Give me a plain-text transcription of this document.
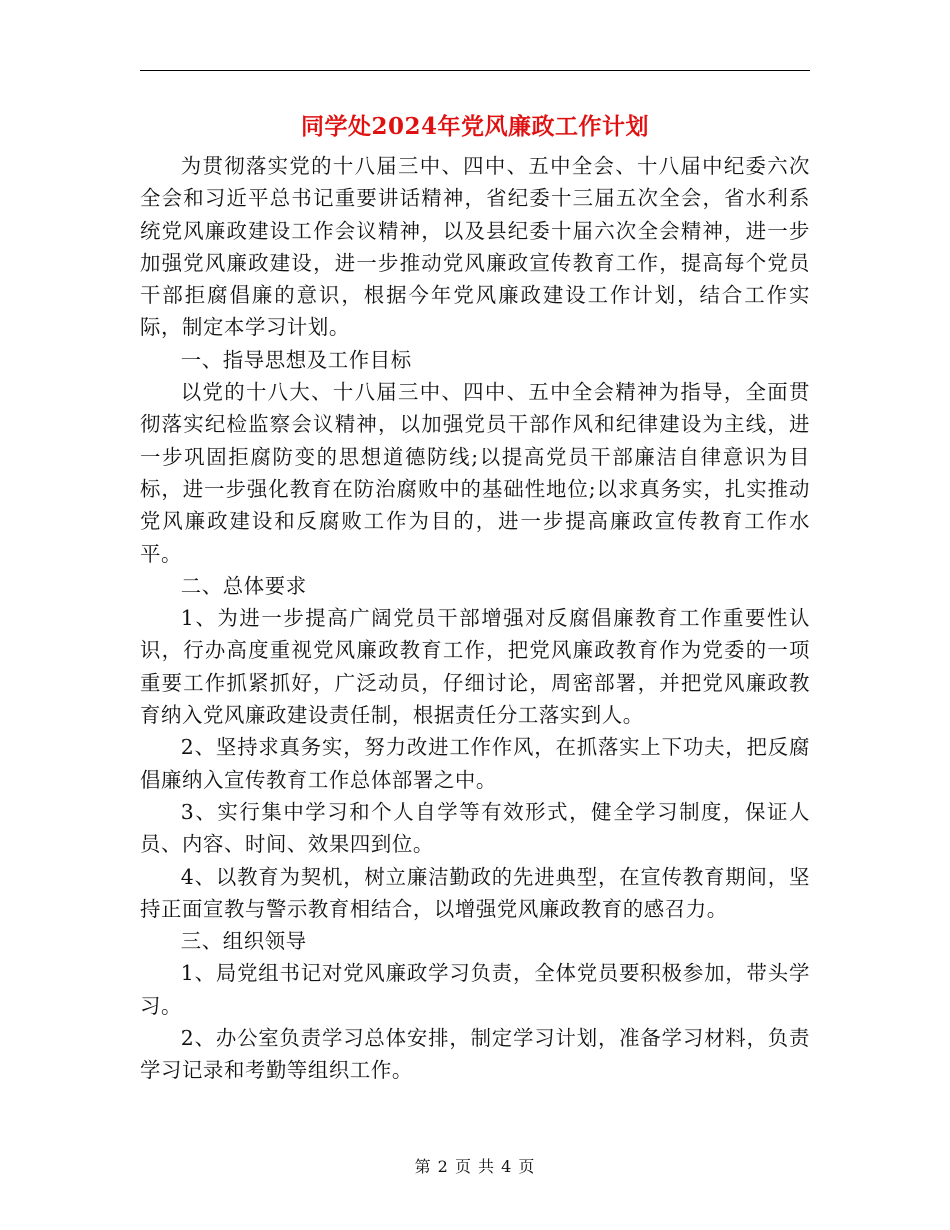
同学处2024年党风廉政工作计划

为贯彻落实党的十八届三中、四中、五中全会、十八届中纪委六次全会和习近平总书记重要讲话精神，省纪委十三届五次全会，省水利系统党风廉政建设工作会议精神，以及县纪委十届六次全会精神，进一步加强党风廉政建设，进一步推动党风廉政宣传教育工作，提高每个党员干部拒腐倡廉的意识，根据今年党风廉政建设工作计划，结合工作实际，制定本学习计划。

一、指导思想及工作目标

以党的十八大、十八届三中、四中、五中全会精神为指导，全面贯彻落实纪检监察会议精神，以加强党员干部作风和纪律建设为主线，进一步巩固拒腐防变的思想道德防线;以提高党员干部廉洁自律意识为目标，进一步强化教育在防治腐败中的基础性地位;以求真务实，扎实推动党风廉政建设和反腐败工作为目的，进一步提高廉政宣传教育工作水平。

二、总体要求

1、为进一步提高广阔党员干部增强对反腐倡廉教育工作重要性认识，行办高度重视党风廉政教育工作，把党风廉政教育作为党委的一项重要工作抓紧抓好，广泛动员，仔细讨论，周密部署，并把党风廉政教育纳入党风廉政建设责任制，根据责任分工落实到人。

2、坚持求真务实，努力改进工作作风，在抓落实上下功夫，把反腐倡廉纳入宣传教育工作总体部署之中。

3、实行集中学习和个人自学等有效形式，健全学习制度，保证人员、内容、时间、效果四到位。

4、以教育为契机，树立廉洁勤政的先进典型，在宣传教育期间，坚持正面宣教与警示教育相结合，以增强党风廉政教育的感召力。

三、组织领导

1、局党组书记对党风廉政学习负责，全体党员要积极参加，带头学习。

2、办公室负责学习总体安排，制定学习计划，准备学习材料，负责学习记录和考勤等组织工作。

第 2 页 共 4 页
